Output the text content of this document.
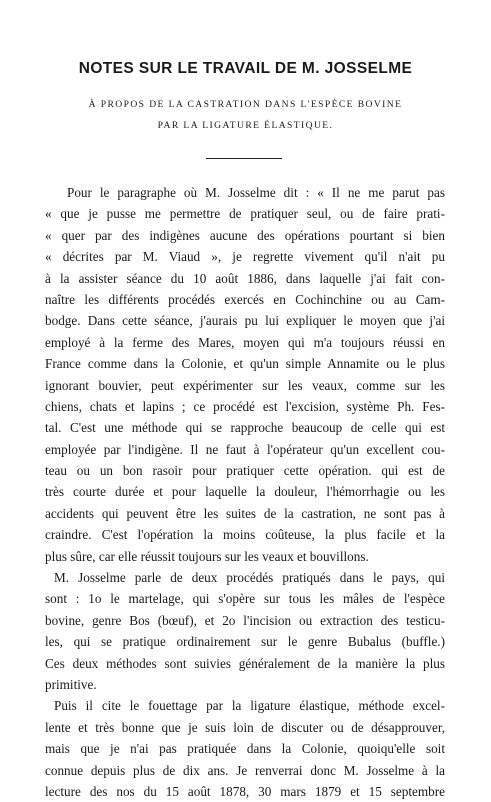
NOTES SUR LE TRAVAIL DE M. JOSSELME
À PROPOS DE LA CASTRATION DANS L'ESPÈCE BOVINE
PAR LA LIGATURE ÉLASTIQUE.
Pour le paragraphe où M. Josselme dit : « Il ne me parut pas
« que je pusse me permettre de pratiquer seul, ou de faire prati-
« quer par des indigènes aucune des opérations pourtant si bien
« décrites par M. Viaud », je regrette vivement qu'il n'ait pu
à la assister séance du 10 août 1886, dans laquelle j'ai fait con-
naître les différents procédés exercés en Cochinchine ou au Cam-
bodge. Dans cette séance, j'aurais pu lui expliquer le moyen que j'ai
employé à la ferme des Mares, moyen qui m'a toujours réussi en
France comme dans la Colonie, et qu'un simple Annamite ou le plus
ignorant bouvier, peut expérimenter sur les veaux, comme sur les
chiens, chats et lapins ; ce procédé est l'excision, système Ph. Fes-
tal. C'est une méthode qui se rapproche beaucoup de celle qui est
employée par l'indigène. Il ne faut à l'opérateur qu'un excellent cou-
teau ou un bon rasoir pour pratiquer cette opération. qui est de
très courte durée et pour laquelle la douleur, l'hémorrhagie ou les
accidents qui peuvent être les suites de la castration, ne sont pas à
craindre. C'est l'opération la moins coûteuse, la plus facile et la
plus sûre, car elle réussit toujours sur les veaux et bouvillons.
M. Josselme parle de deux procédés pratiqués dans le pays, qui
sont : 1o le martelage, qui s'opère sur tous les mâles de l'espèce
bovine, genre Bos (bœuf), et 2o l'incision ou extraction des testicu-
les, qui se pratique ordinairement sur le genre Bubalus (buffle.)
Ces deux méthodes sont suivies généralement de la manière la plus
primitive.
Puis il cite le fouettage par la ligature élastique, méthode excel-
lente et très bonne que je suis loin de discuter ou de désapprouver,
mais que je n'ai pas pratiquée dans la Colonie, quoiqu'elle soit
connue depuis plus de dix ans. Je renverrai donc M. Josselme à la
lecture des nos du 15 août 1878, 30 mars 1879 et 15 septembre
